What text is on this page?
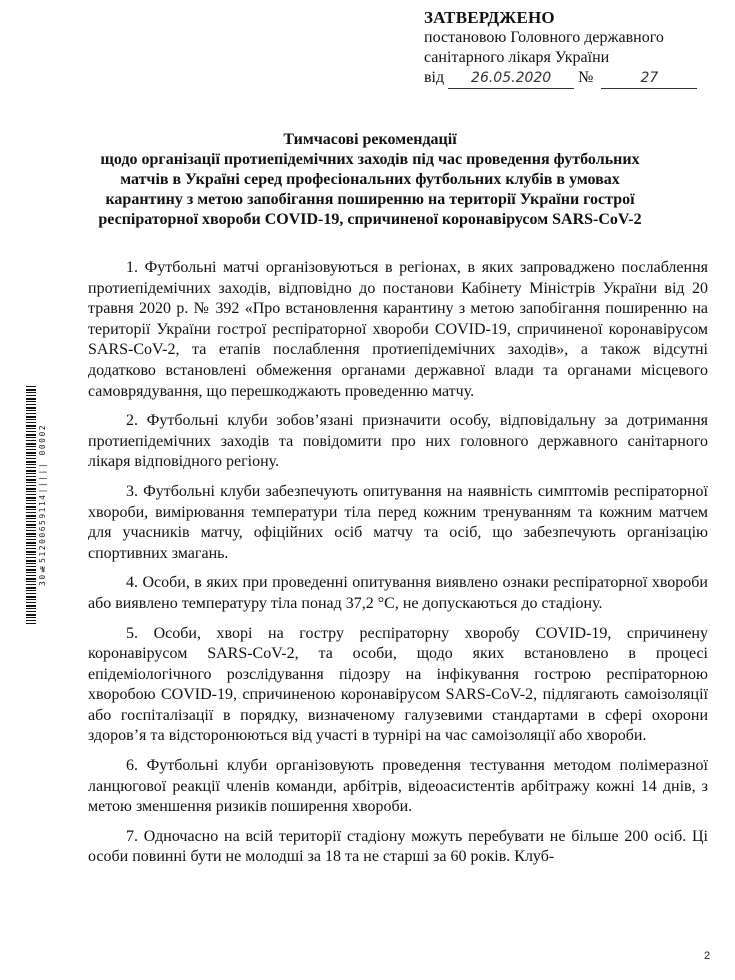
ЗАТВЕРДЖЕНО
постановою Головного державного
санітарного лікаря України
від 26.05.2020 №	27
Тимчасові рекомендації
щодо організації протиепідемічних заходів під час проведення футбольних
матчів в Україні серед професіональних футбольних клубів в умовах
карантину з метою запобігання поширенню на території України гострої
респіраторної хвороби COVID-19, спричиненої коронавірусом SARS-CoV-2
30№51200659114||||| 00002

1. Футбольні матчі організовуються в регіонах, в яких запроваджено послаблення протиепідемічних заходів, відповідно до постанови Кабінету Міністрів України від 20 травня 2020 р. № 392 «Про встановлення карантину з метою запобігання поширенню на території України гострої респіраторної хвороби COVID-19, спричиненої коронавірусом SARS-CoV-2, та етапів послаблення протиепідемічних заходів», а також відсутні додатково встановлені обмеження органами державної влади та органами місцевого самоврядування, що перешкоджають проведенню матчу.

2. Футбольні клуби зобов’язані призначити особу, відповідальну за дотримання протиепідемічних заходів та повідомити про них головного державного санітарного лікаря відповідного регіону.

3. Футбольні клуби забезпечують опитування на наявність симптомів респіраторної хвороби, вимірювання температури тіла перед кожним тренуванням та кожним матчем для учасників матчу, офіційних осіб матчу та осіб, що забезпечують організацію спортивних змагань.

4. Особи, в яких при проведенні опитування виявлено ознаки респіраторної хвороби або виявлено температуру тіла понад 37,2 °С, не допускаються до стадіону.

5. Особи, хворі на гостру респіраторну хворобу COVID-19, спричинену коронавірусом SARS-CoV-2, та особи, щодо яких встановлено в процесі епідеміологічного розслідування підозру на інфікування гострою респіраторною хворобою COVID-19, спричиненою коронавірусом SARS-CoV-2, підлягають самоізоляції або госпіталізації в порядку, визначеному галузевими стандартами в сфері охорони здоров’я та відсторонюються від участі в турнірі на час самоізоляції або хвороби.

6. Футбольні клуби організовують проведення тестування методом полімеразної ланцюгової реакції членів команди, арбітрів, відеоасистентів арбітражу кожні 14 днів, з метою зменшення ризиків поширення хвороби.

7. Одночасно на всій території стадіону можуть перебувати не більше 200 осіб. Ці особи повинні бути не молодші за 18 та не старші за 60 років. Клуб-

2
